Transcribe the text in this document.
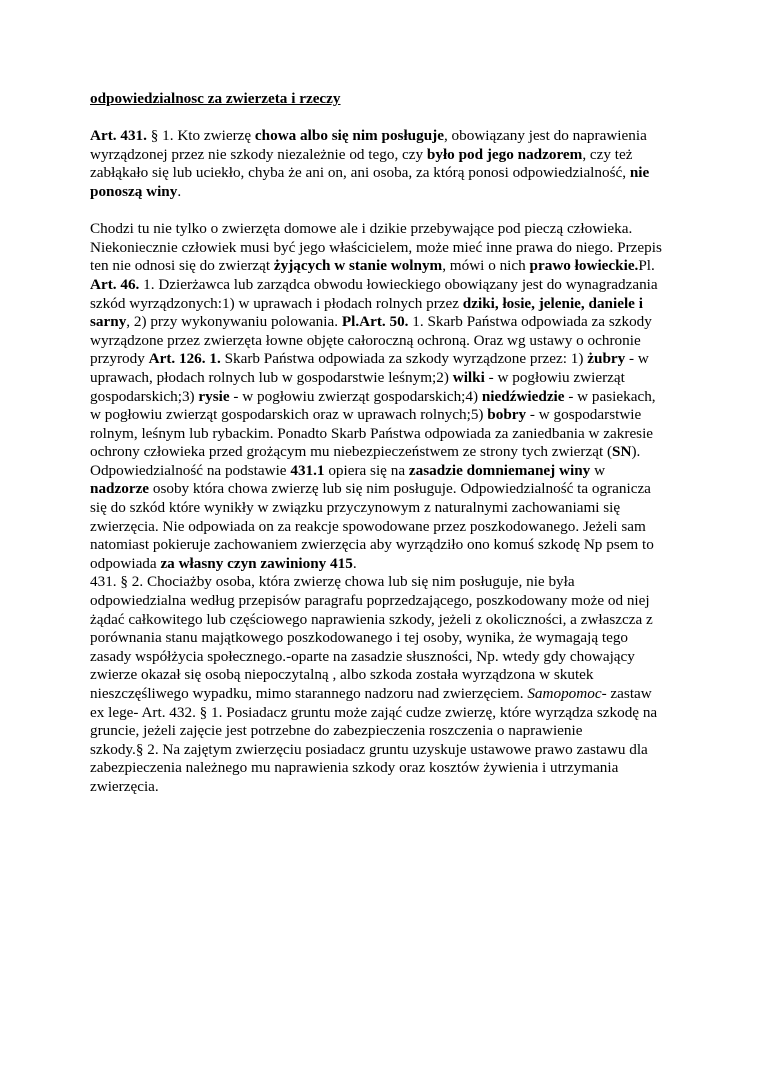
odpowiedzialnosc za zwierzeta i rzeczy
Art. 431. § 1. Kto zwierzę chowa albo się nim posługuje, obowiązany jest do naprawienia
wyrządzonej przez nie szkody niezależnie od tego, czy było pod jego nadzorem, czy też
zabłąkało się lub uciekło, chyba że ani on, ani osoba, za którą ponosi odpowiedzialność, nie
ponoszą winy.
Chodzi tu nie tylko o zwierzęta domowe ale i dzikie przebywające pod pieczą człowieka.
Niekoniecznie człowiek musi być jego właścicielem, może mieć inne prawa do niego. Przepis
ten nie odnosi się do zwierząt żyjących w stanie wolnym, mówi o nich prawo łowieckie.Pl.
Art. 46. 1. Dzierżawca lub zarządca obwodu łowieckiego obowiązany jest do wynagradzania
szkód wyrządzonych:1) w uprawach i płodach rolnych przez dziki, łosie, jelenie, daniele i
sarny, 2) przy wykonywaniu polowania. Pl.Art. 50. 1. Skarb Państwa odpowiada za szkody
wyrządzone przez zwierzęta łowne objęte całoroczną ochroną. Oraz wg ustawy o ochronie
przyrody Art. 126. 1. Skarb Państwa odpowiada za szkody wyrządzone przez: 1) żubry - w
uprawach, płodach rolnych lub w gospodarstwie leśnym;2) wilki - w pogłowiu zwierząt
gospodarskich;3) rysie - w pogłowiu zwierząt gospodarskich;4) niedźwiedzie - w pasiekach,
w pogłowiu zwierząt gospodarskich oraz w uprawach rolnych;5) bobry - w gospodarstwie
rolnym, leśnym lub rybackim. Ponadto Skarb Państwa odpowiada za zaniedbania w zakresie
ochrony człowieka przed grożącym mu niebezpieczeństwem ze strony tych zwierząt (SN).
Odpowiedzialność na podstawie 431.1 opiera się na zasadzie domniemanej winy w
nadzorze osoby która chowa zwierzę lub się nim posługuje. Odpowiedzialność ta ogranicza
się do szkód które wynikły w związku przyczynowym z naturalnymi zachowaniami się
zwierzęcia. Nie odpowiada on za reakcje spowodowane przez poszkodowanego. Jeżeli sam
natomiast pokieruje zachowaniem zwierzęcia aby wyrządziło ono komuś szkodę Np psem to
odpowiada za własny czyn zawiniony 415.
431. § 2. Chociażby osoba, która zwierzę chowa lub się nim posługuje, nie była
odpowiedzialna według przepisów paragrafu poprzedzającego, poszkodowany może od niej
żądać całkowitego lub częściowego naprawienia szkody, jeżeli z okoliczności, a zwłaszcza z
porównania stanu majątkowego poszkodowanego i tej osoby, wynika, że wymagają tego
zasady współżycia społecznego.-oparte na zasadzie słuszności, Np. wtedy gdy chowający
zwierze okazał się osobą niepoczytalną , albo szkoda została wyrządzona w skutek
nieszczęśliwego wypadku, mimo starannego nadzoru nad zwierzęciem. Samopomoc- zastaw
ex lege- Art. 432. § 1. Posiadacz gruntu może zająć cudze zwierzę, które wyrządza szkodę na
gruncie, jeżeli zajęcie jest potrzebne do zabezpieczenia roszczenia o naprawienie
szkody.§ 2. Na zajętym zwierzęciu posiadacz gruntu uzyskuje ustawowe prawo zastawu dla
zabezpieczenia należnego mu naprawienia szkody oraz kosztów żywienia i utrzymania
zwierzęcia.
